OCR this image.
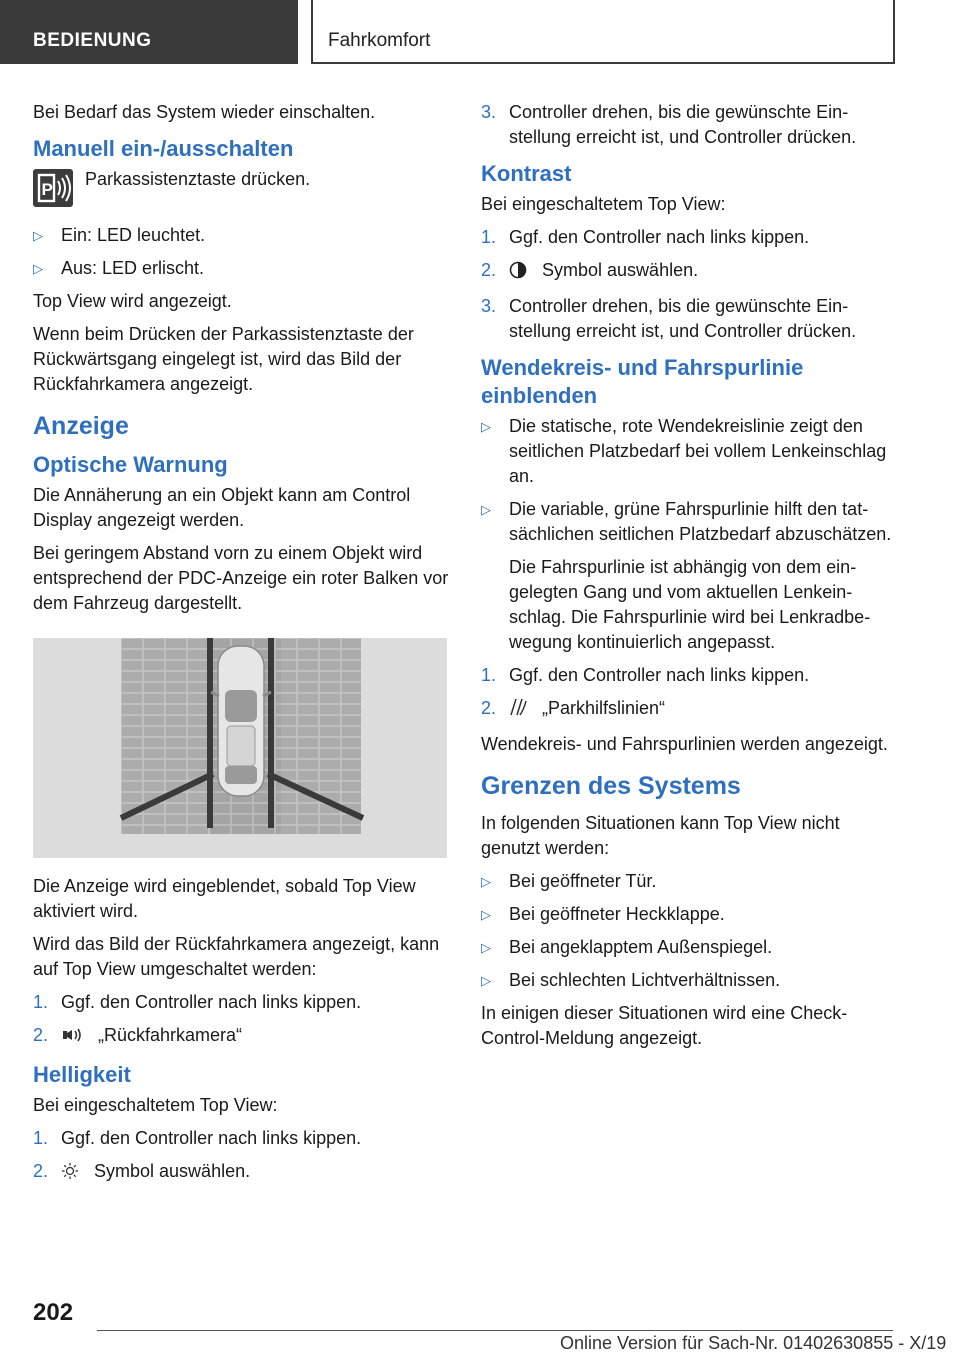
BEDIENUNG	Fahrkomfort

Bei Bedarf das System wieder einschalten.

Manuell ein-/ausschalten
P
Parkassistenztaste drücken.
▷ Ein: LED leuchtet.
▷ Aus: LED erlischt.

Top View wird angezeigt.

Wenn beim Drücken der Parkassistenztaste der Rückwärtsgang eingelegt ist, wird das Bild der Rückfahrkamera angezeigt.

Anzeige
Optische Warnung

Die Annäherung an ein Objekt kann am Control Display angezeigt werden.

Bei geringem Abstand vorn zu einem Objekt wird entsprechend der PDC-Anzeige ein roter Balken vor dem Fahrzeug dargestellt.

Die Anzeige wird eingeblendet, sobald Top View aktiviert wird.

Wird das Bild der Rückfahrkamera angezeigt, kann auf Top View umgeschaltet werden:

1. Ggf. den Controller nach links kippen.
2.	„Rückfahrkamera“
Helligkeit

Bei eingeschaltetem Top View:

1. Ggf. den Controller nach links kippen.
2.	Symbol auswählen.
3. Controller drehen, bis die gewünschte Einstellung erreicht ist, und Controller drücken.
Kontrast

Bei eingeschaltetem Top View:

1. Ggf. den Controller nach links kippen.
2.	Symbol auswählen.
3. Controller drehen, bis die gewünschte Einstellung erreicht ist, und Controller drücken.
Wendekreis- und Fahrspurlinie einblenden
▷ Die statische, rote Wendekreislinie zeigt den seitlichen Platzbedarf bei vollem Lenkeinschlag an.
▷ Die variable, grüne Fahrspurlinie hilft den tatsächlichen seitlichen Platzbedarf abzuschätzen.

Die Fahrspurlinie ist abhängig von dem eingelegten Gang und vom aktuellen Lenkeinschlag. Die Fahrspurlinie wird bei Lenkradbewegung kontinuierlich angepasst.

1. Ggf. den Controller nach links kippen.
2.	„Parkhilfslinien“

Wendekreis- und Fahrspurlinien werden angezeigt.

Grenzen des Systems

In folgenden Situationen kann Top View nicht genutzt werden:

▷ Bei geöffneter Tür.
▷ Bei geöffneter Heckklappe.
▷ Bei angeklapptem Außenspiegel.
▷ Bei schlechten Lichtverhältnissen.

In einigen dieser Situationen wird eine Check-Control-Meldung angezeigt.

202
Online Version für Sach-Nr. 01402630855 - X/19
